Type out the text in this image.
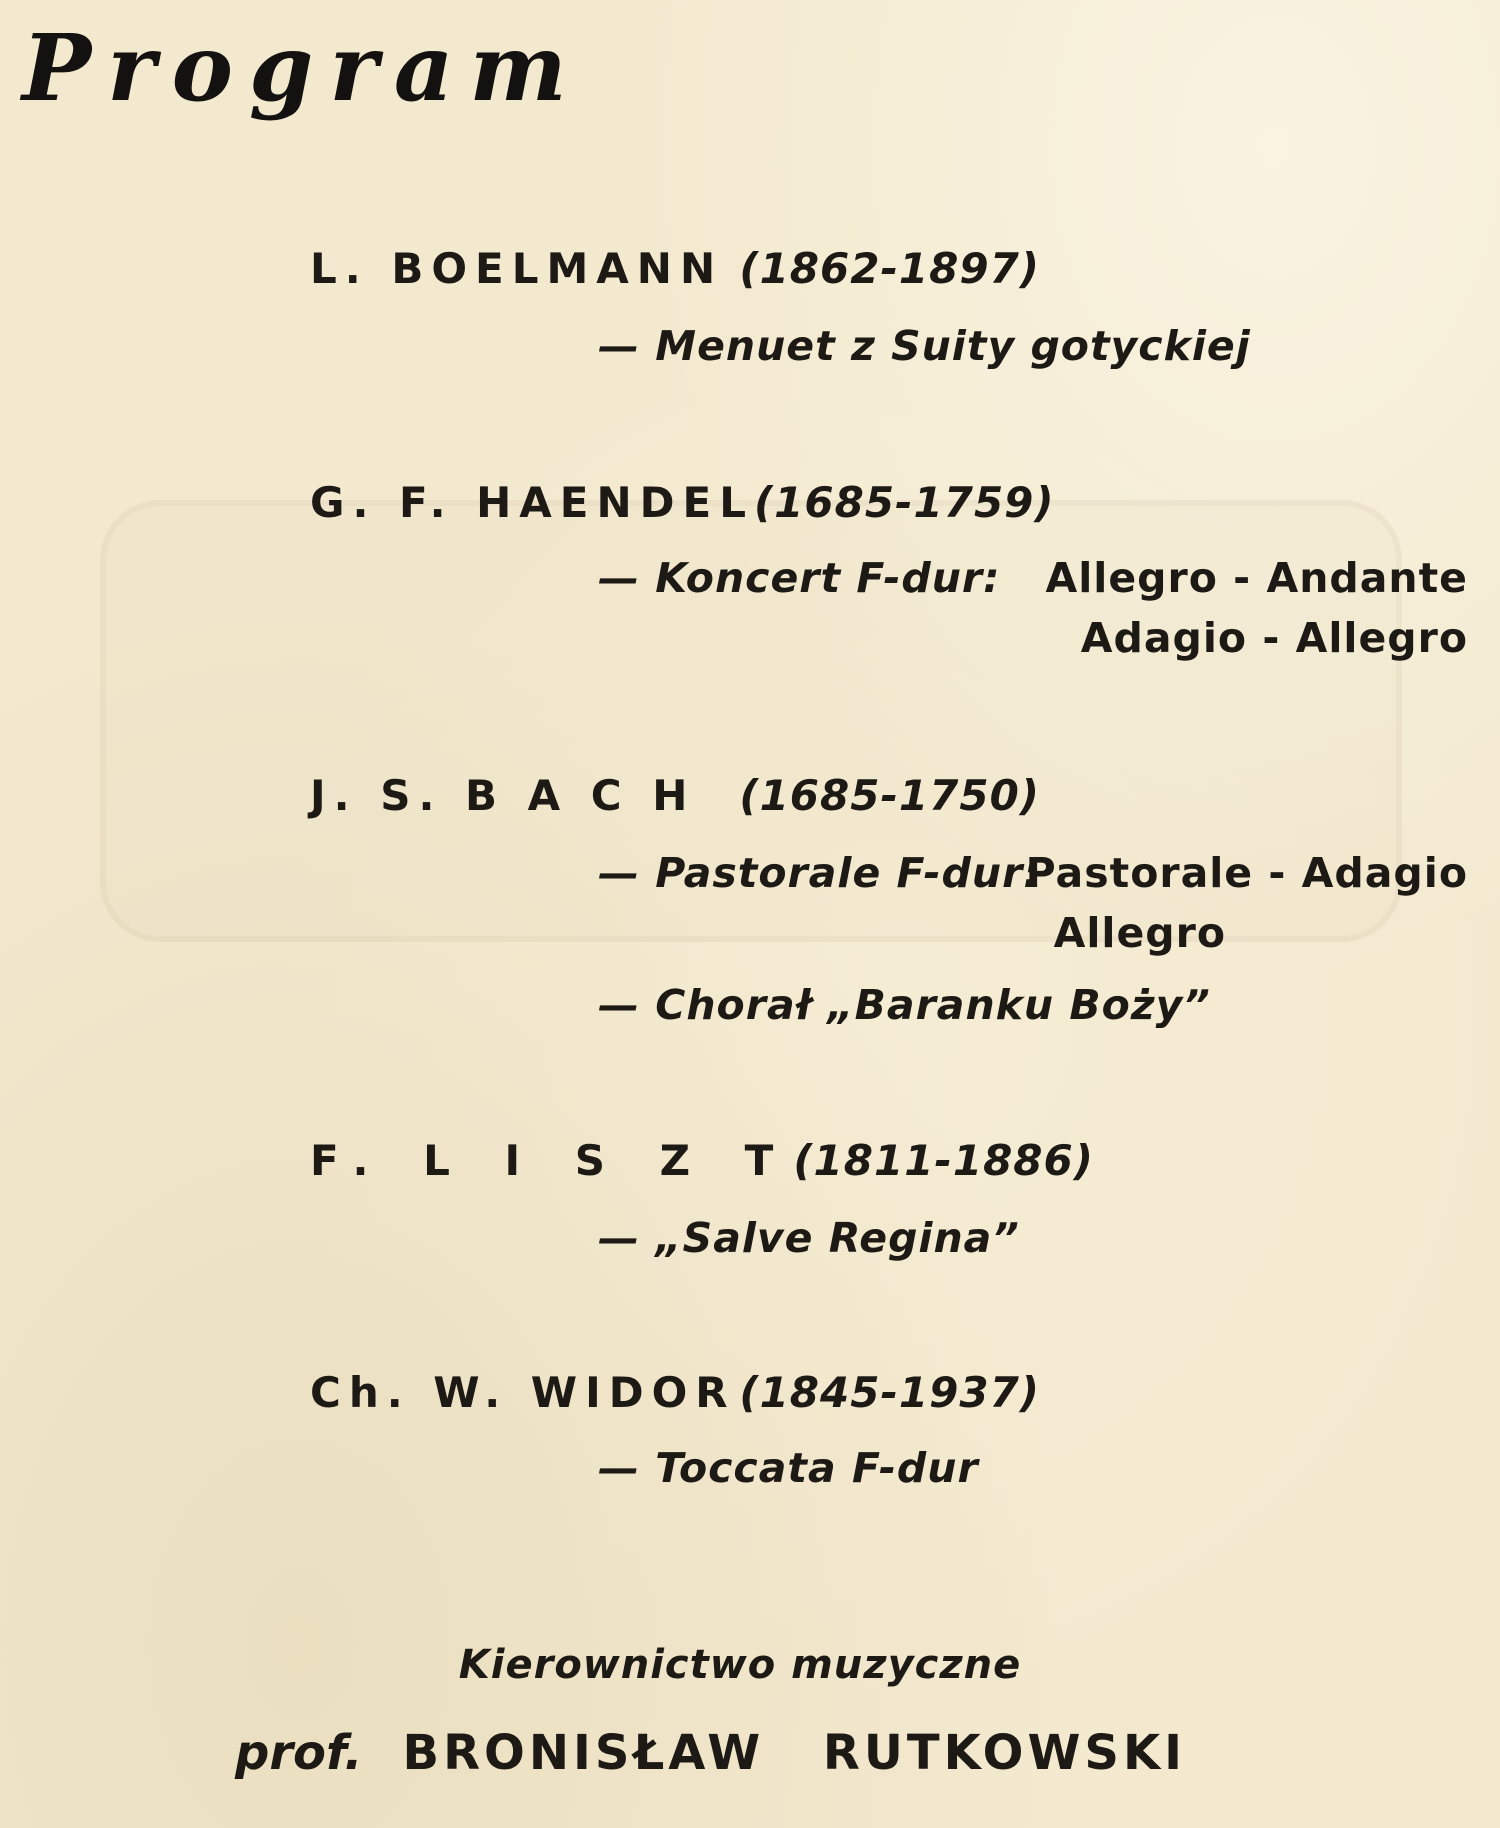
Program
L. BOELMANN (1862-1897)
— Menuet z Suity gotyckiej
G. F. HAENDEL (1685-1759)
— Koncert F-dur: Allegro - Andante
Adagio - Allegro
J. S. B A C H (1685-1750)
— Pastorale F-dur:
Pastorale - Adagio
Allegro
— Chorał „Baranku Boży”
F. L I S Z T (1811-1886)
— „Salve Regina”
Ch. W. WIDOR (1845-1937)
— Toccata F-dur
Kierownictwo muzyczne
prof. BRONISŁAW RUTKOWSKI
